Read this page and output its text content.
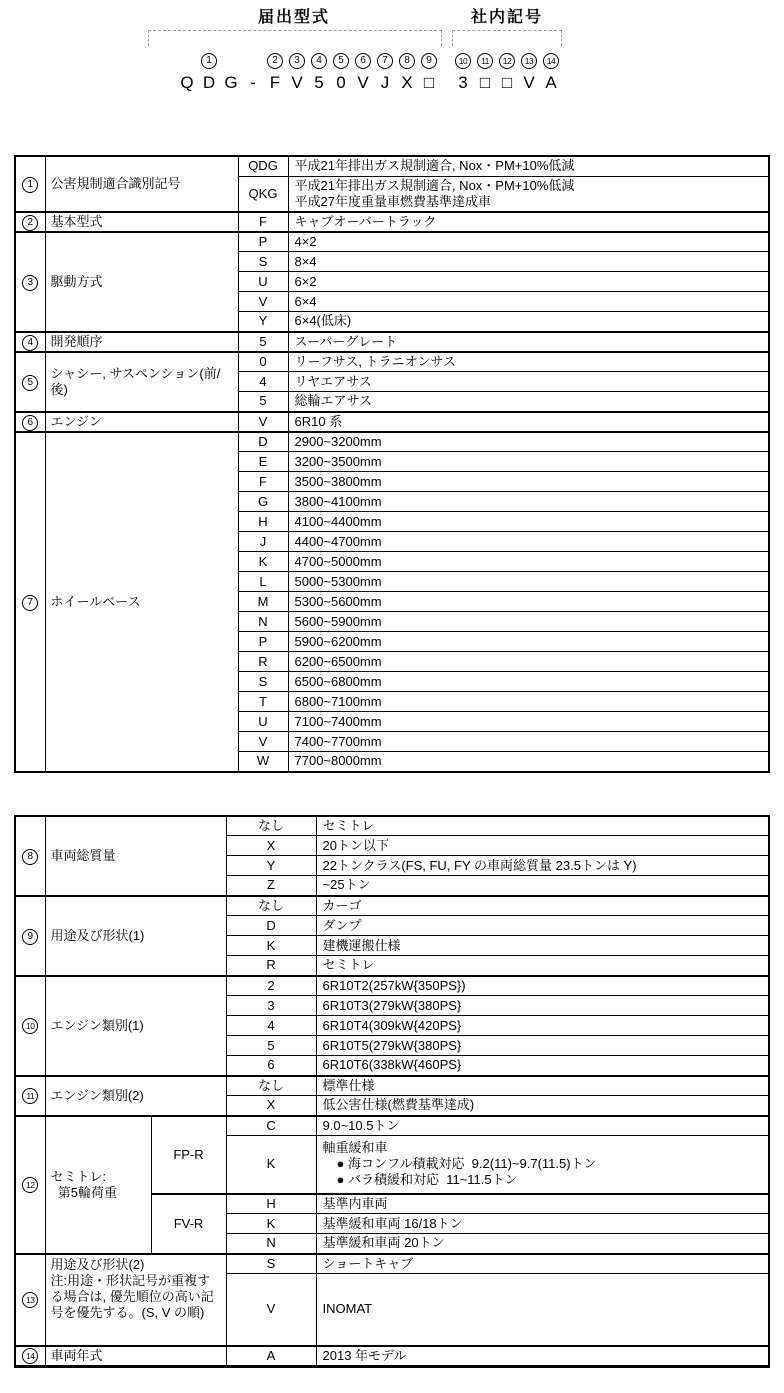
届出型式
Q
1
D G -
2
F
3
V
4
5
5
0
6
V
7
J
8
X
9
□
社内記号
10
3
11
□
12
□
13
V
14
A
1	公害規制適合識別記号	QDG	平成21年排出ガス規制適合, Nox・PM+10%低減
		QKG	平成21年排出ガス規制適合, Nox・PM+10%低減
平成27年度重量車燃費基準達成車

2	基本型式	F	キャブオーバートラック
3	駆動方式	P	4×2
		S	8×4
		U	6×2
		V	6×4
		Y	6×4(低床)
4	開発順序	5	スーパーグレート
5	シャシー, サスペンション(前/後)	0	リーフサス, トラニオンサス
		4	リヤエアサス
		5	総輪エアサス
6	エンジン	V	6R10 系
7	ホイールベース	D	2900~3200mm
		E	3200~3500mm
		F	3500~3800mm
		G	3800~4100mm
		H	4100~4400mm
		J	4400~4700mm
		K	4700~5000mm
		L	5000~5300mm
		M	5300~5600mm
		N	5600~5900mm
		P	5900~6200mm
		R	6200~6500mm
		S	6500~6800mm
		T	6800~7100mm
		U	7100~7400mm
		V	7400~7700mm
		W	7700~8000mm
8	車両総質量		なし	セミトレ
			X	20トン以下
			Y	22トンクラス(FS, FU, FY の車両総質量 23.5トンは Y)
			Z	~25トン
9	用途及び形状(1)		なし	カーゴ
			D	ダンプ
			K	建機運搬仕様
			R	セミトレ
10	エンジン類別(1)		2	6R10T2(257kW{350PS})
			3	6R10T3(279kW{380PS}
			4	6R10T4(309kW{420PS}
			5	6R10T5(279kW{380PS}
			6	6R10T6(338kW{460PS}
11	エンジン類別(2)		なし	標準仕様
			X	低公害仕様(燃費基準達成)
12	セミトレ:
第5輪荷重	FP-R	C	9.0~10.5トン
			K	軸重緩和車
● 海コンフル積載対応  9.2(11)~9.7(11.5)トン
● バラ積緩和対応  11~11.5トン

		FV-R	H	基準内車両
			K	基準緩和車両 16/18トン
			N	基準緩和車両 20トン
13	用途及び形状(2)
注:用途・形状記号が重複する場合は, 優先順位の高い記号を優先する。(S, V の順)		S	ショートキャブ
			V	INOMAT
14	車両年式		A	2013 年モデル
